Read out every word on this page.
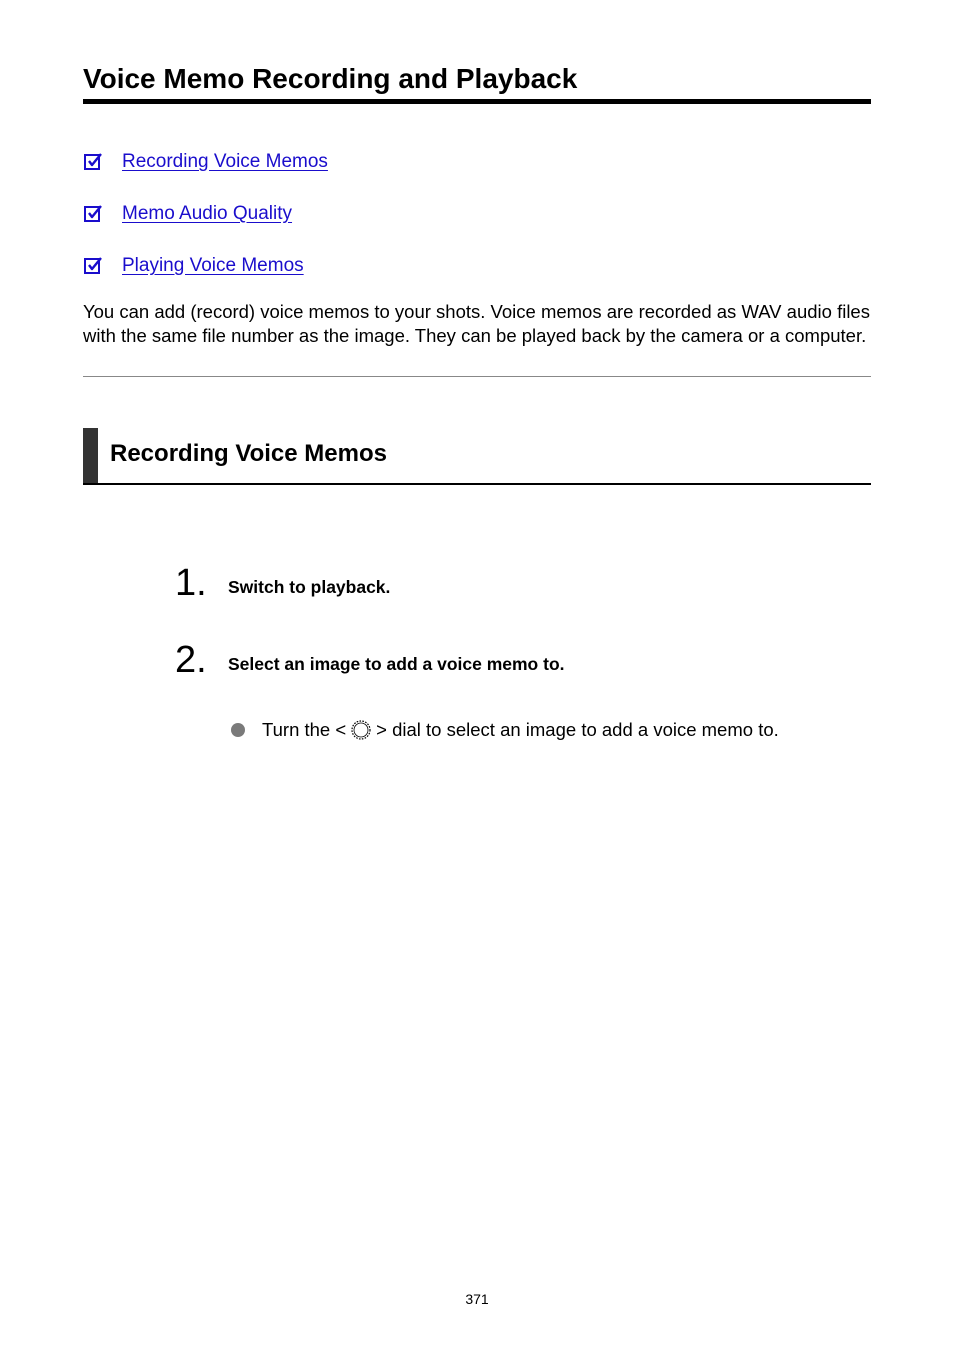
Voice Memo Recording and Playback
Recording Voice Memos
Memo Audio Quality
Playing Voice Memos

You can add (record) voice memos to your shots. Voice memos are recorded as WAV audio files with the same file number as the image. They can be played back by the camera or a computer.

Recording Voice Memos
1. Switch to playback.
2. Select an image to add a voice memo to.
Turn the < > dial to select an image to add a voice memo to.
371
